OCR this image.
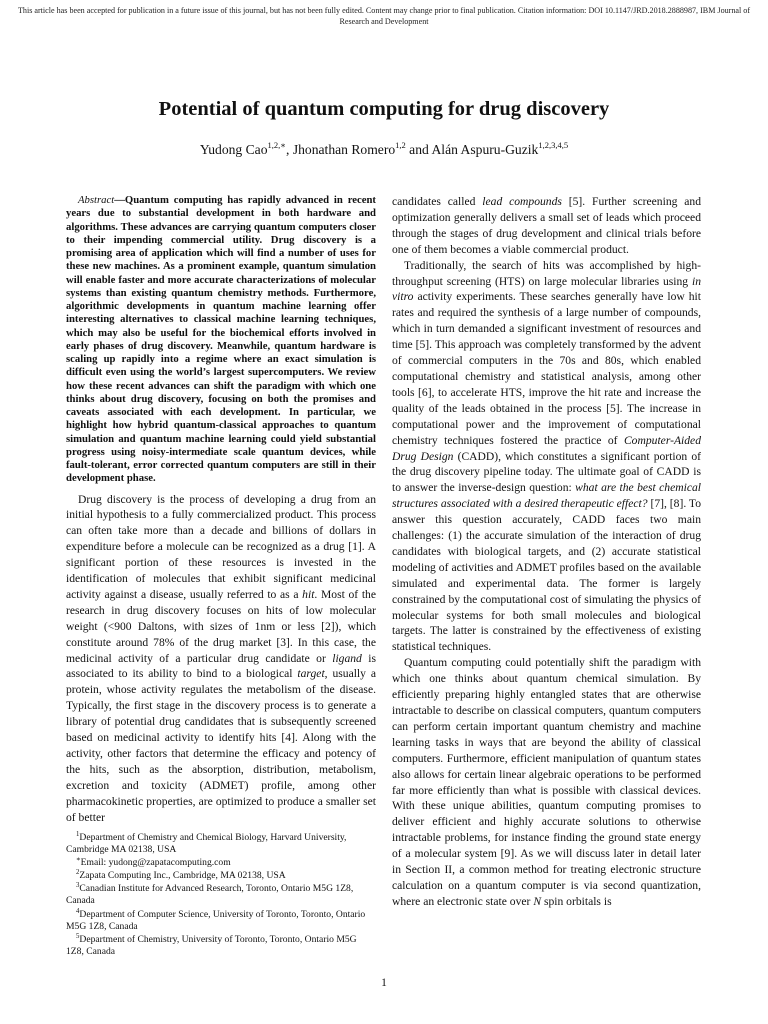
This article has been accepted for publication in a future issue of this journal, but has not been fully edited. Content may change prior to final publication. Citation information: DOI 10.1147/JRD.2018.2888987, IBM Journal of
Research and Development
Potential of quantum computing for drug discovery
Yudong Cao$^{1,2,∗}$, Jhonathan Romero$^{1,2}$ and Alán Aspuru-Guzik$^{1,2,3,4,5}$

Abstract—Quantum computing has rapidly advanced in recent years due to substantial development in both hardware and algorithms. These advances are carrying quantum computers closer to their impending commercial utility. Drug discovery is a promising area of application which will find a number of uses for these new machines. As a prominent example, quantum simulation will enable faster and more accurate characterizations of molecular systems than existing quantum chemistry methods. Furthermore, algorithmic developments in quantum machine learning offer interesting alternatives to classical machine learning techniques, which may also be useful for the biochemical efforts involved in early phases of drug discovery. Meanwhile, quantum hardware is scaling up rapidly into a regime where an exact simulation is difficult even using the world’s largest supercomputers. We review how these recent advances can shift the paradigm with which one thinks about drug discovery, focusing on both the promises and caveats associated with each development. In particular, we highlight how hybrid quantum-classical approaches to quantum simulation and quantum machine learning could yield substantial progress using noisy-intermediate scale quantum devices, while fault-tolerant, error corrected quantum computers are still in their development phase.

Drug discovery is the process of developing a drug from an initial hypothesis to a fully commercialized product. This process can often take more than a decade and billions of dollars in expenditure before a molecule can be recognized as a drug [1]. A significant portion of these resources is invested in the identification of molecules that exhibit significant medicinal activity against a disease, usually referred to as a hit. Most of the research in drug discovery focuses on hits of low molecular weight (<900 Daltons, with sizes of 1nm or less [2]), which constitute around 78% of the drug market [3]. In this case, the medicinal activity of a particular drug candidate or ligand is associated to its ability to bind to a biological target, usually a protein, whose activity regulates the metabolism of the disease. Typically, the first stage in the discovery process is to generate a library of potential drug candidates that is subsequently screened based on medicinal activity to identify hits [4]. Along with the activity, other factors that determine the efficacy and potency of the hits, such as the absorption, distribution, metabolism, excretion and toxicity (ADMET) profile, among other pharmacokinetic properties, are optimized to produce a smaller set of better

$^1$Department of Chemistry and Chemical Biology, Harvard University, Cambridge MA 02138, USA

∗Email: yudong@zapatacomputing.com

$^2$Zapata Computing Inc., Cambridge, MA 02138, USA

$^3$Canadian Institute for Advanced Research, Toronto, Ontario M5G 1Z8, Canada

$^4$Department of Computer Science, University of Toronto, Toronto, Ontario M5G 1Z8, Canada

$^5$Department of Chemistry, University of Toronto, Toronto, Ontario M5G 1Z8, Canada

candidates called lead compounds [5]. Further screening and optimization generally delivers a small set of leads which proceed through the stages of drug development and clinical trials before one of them becomes a viable commercial product.

Traditionally, the search of hits was accomplished by high-throughput screening (HTS) on large molecular libraries using in vitro activity experiments. These searches generally have low hit rates and required the synthesis of a large number of compounds, which in turn demanded a significant investment of resources and time [5]. This approach was completely transformed by the advent of commercial computers in the 70s and 80s, which enabled computational chemistry and statistical analysis, among other tools [6], to accelerate HTS, improve the hit rate and increase the quality of the leads obtained in the process [5]. The increase in computational power and the improvement of computational chemistry techniques fostered the practice of Computer-Aided Drug Design (CADD), which constitutes a significant portion of the drug discovery pipeline today. The ultimate goal of CADD is to answer the inverse-design question: what are the best chemical structures associated with a desired therapeutic effect? [7], [8]. To answer this question accurately, CADD faces two main challenges: (1) the accurate simulation of the interaction of drug candidates with biological targets, and (2) accurate statistical modeling of activities and ADMET profiles based on the available simulated and experimental data. The former is largely constrained by the computational cost of simulating the physics of molecular systems for both small molecules and biological targets. The latter is constrained by the effectiveness of existing statistical techniques.

Quantum computing could potentially shift the paradigm with which one thinks about quantum chemical simulation. By efficiently preparing highly entangled states that are otherwise intractable to describe on classical computers, quantum computers can perform certain important quantum chemistry and machine learning tasks in ways that are beyond the ability of classical computers. Furthermore, efficient manipulation of quantum states also allows for certain linear algebraic operations to be performed far more efficiently than what is possible with classical devices. With these unique abilities, quantum computing promises to deliver efficient and highly accurate solutions to otherwise intractable problems, for instance finding the ground state energy of a molecular system [9]. As we will discuss later in detail later in Section II, a common method for treating electronic structure calculation on a quantum computer is via second quantization, where an electronic state over N spin orbitals is

1
